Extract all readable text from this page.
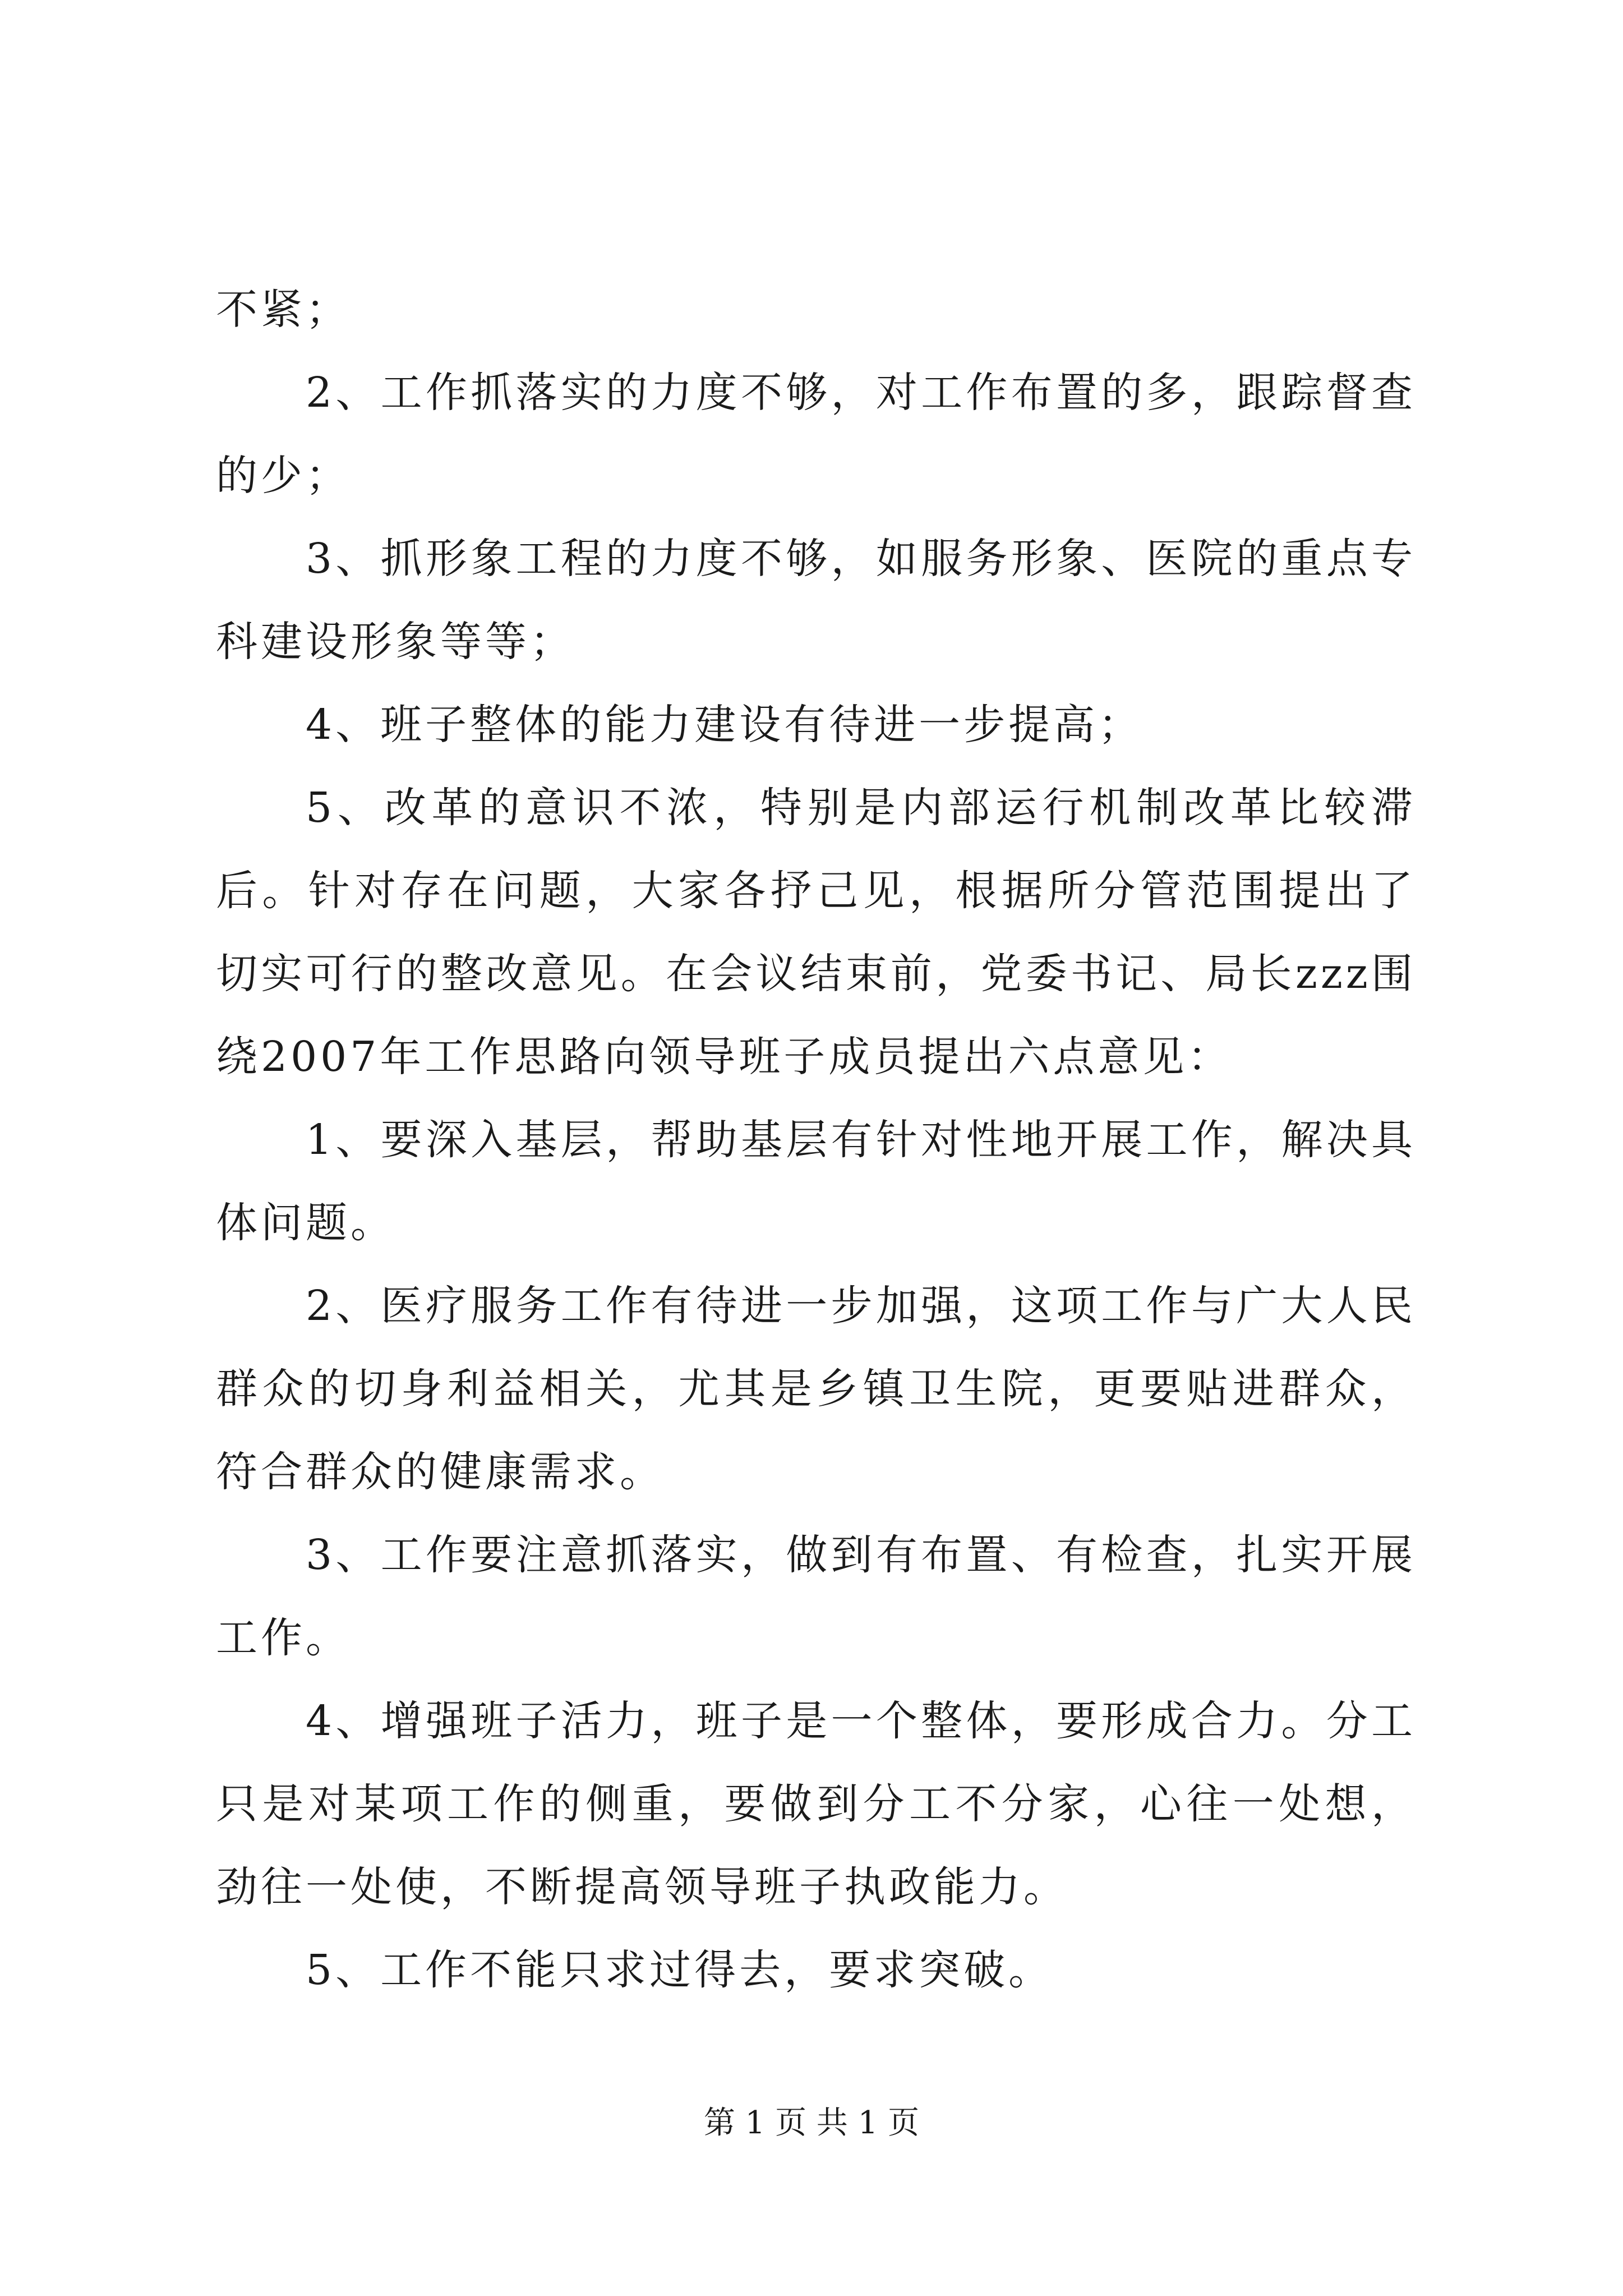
不紧；

2、工作抓落实的力度不够，对工作布置的多，跟踪督查的少；

3、抓形象工程的力度不够，如服务形象、医院的重点专科建设形象等等；

4、班子整体的能力建设有待进一步提高；

5、改革的意识不浓，特别是内部运行机制改革比较滞后。针对存在问题，大家各抒己见，根据所分管范围提出了切实可行的整改意见。在会议结束前，党委书记、局长zzz围绕2007年工作思路向领导班子成员提出六点意见：

1、要深入基层，帮助基层有针对性地开展工作，解决具体问题。

2、医疗服务工作有待进一步加强，这项工作与广大人民群众的切身利益相关，尤其是乡镇卫生院，更要贴进群众，符合群众的健康需求。

3、工作要注意抓落实，做到有布置、有检查，扎实开展工作。

4、增强班子活力，班子是一个整体，要形成合力。分工只是对某项工作的侧重，要做到分工不分家，心往一处想，劲往一处使，不断提高领导班子执政能力。

5、工作不能只求过得去，要求突破。

第 1 页 共 1 页
